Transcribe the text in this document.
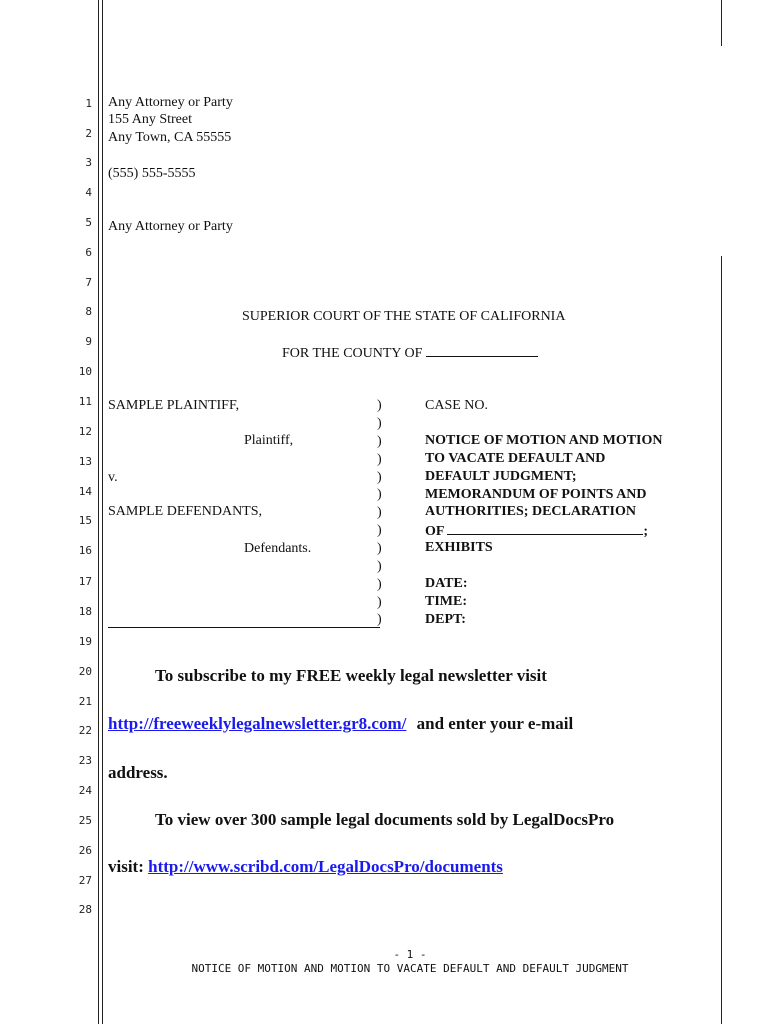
1
2
3
4
5
6
7
8
9
10
11
12
13
14
15
16
17
18
19
20
21
22
23
24
25
26
27
28
Any Attorney or Party
155 Any Street
Any Town, CA 55555
(555) 555-5555
Any Attorney or Party
SUPERIOR COURT OF THE STATE OF CALIFORNIA
FOR THE COUNTY OF
SAMPLE PLAINTIFF,
Plaintiff,
v.
SAMPLE DEFENDANTS,
Defendants.
)
)
)
)
)
)
)
)
)
)
)
)
)
CASE NO.
NOTICE OF MOTION AND MOTION
TO VACATE DEFAULT AND
DEFAULT JUDGMENT;
MEMORANDUM OF POINTS AND
AUTHORITIES; DECLARATION
OF	;
EXHIBITS
DATE:
TIME:
DEPT:
To subscribe to my FREE weekly legal newsletter visit
http://freeweeklylegalnewsletter.gr8.com/ and enter your e-mail
address.
To view over 300 sample legal documents sold by LegalDocsPro
visit: http://www.scribd.com/LegalDocsPro/documents
- 1 -
NOTICE OF MOTION AND MOTION TO VACATE DEFAULT AND DEFAULT JUDGMENT
